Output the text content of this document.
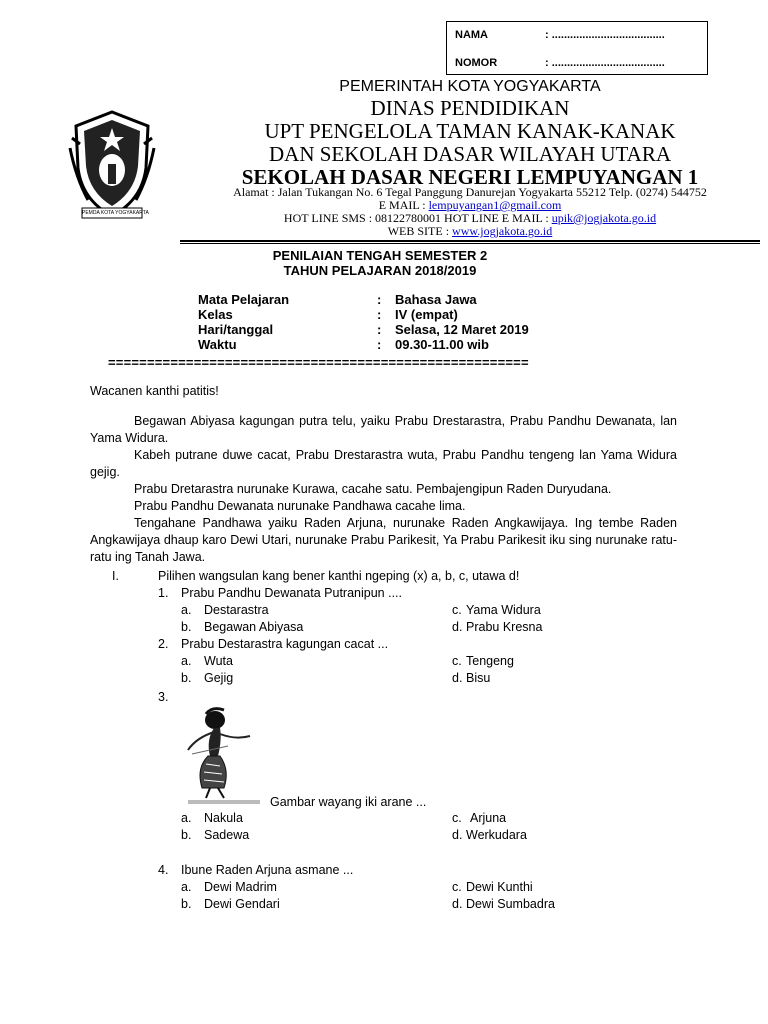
NAMA	: .....................................
NOMOR	: .....................................
PEMDA KOTA YOGYAKARTA
PEMERINTAH KOTA YOGYAKARTA
DINAS PENDIDIKAN
UPT PENGELOLA TAMAN KANAK-KANAK
DAN SEKOLAH DASAR WILAYAH UTARA
SEKOLAH DASAR NEGERI LEMPUYANGAN 1
Alamat : Jalan Tukangan No. 6 Tegal Panggung Danurejan Yogyakarta 55212 Telp. (0274) 544752
E MAIL : lempuyangan1@gmail.com
HOT LINE SMS : 08122780001 HOT LINE E MAIL : upik@jogjakota.go.id
WEB SITE : www.jogjakota.go.id
PENILAIAN TENGAH SEMESTER 2
TAHUN PELAJARAN 2018/2019
Mata Pelajaran	: Bahasa Jawa
Kelas	: IV (empat)
Hari/tanggal	: Selasa, 12 Maret 2019
Waktu	: 09.30-11.00 wib
======================================================
Wacanen kanthi patitis!
Begawan Abiyasa kagungan putra telu, yaiku Prabu Drestarastra, Prabu Pandhu Dewanata, lan Yama Widura.
Kabeh putrane duwe cacat, Prabu Drestarastra wuta, Prabu Pandhu tengeng lan Yama Widura gejig.
Prabu Dretarastra nurunake Kurawa, cacahe satu. Pembajengipun Raden Duryudana.
Prabu Pandhu Dewanata nurunake Pandhawa cacahe lima.
Tengahane Pandhawa yaiku Raden Arjuna, nurunake Raden Angkawijaya. Ing tembe Raden Angkawijaya dhaup karo Dewi Utari, nurunake Prabu Parikesit, Ya Prabu Parikesit iku sing nurunake ratu-ratu ing Tanah Jawa.
I.	Pilihen wangsulan kang bener kanthi ngeping (x) a, b, c, utawa d!
1. Prabu Pandhu Dewanata Putranipun ....
a. Destarastra	c. Yama Widura
b. Begawan Abiyasa	d. Prabu Kresna
2. Prabu Destarastra kagungan cacat ...
a. Wuta	c. Tengeng
b. Gejig	d. Bisu
3.
Gambar wayang iki arane ...
a. Nakula	c. Arjuna
b. Sadewa	d. Werkudara
4. Ibune Raden Arjuna asmane ...
a. Dewi Madrim	c. Dewi Kunthi
b. Dewi Gendari	d. Dewi Sumbadra
